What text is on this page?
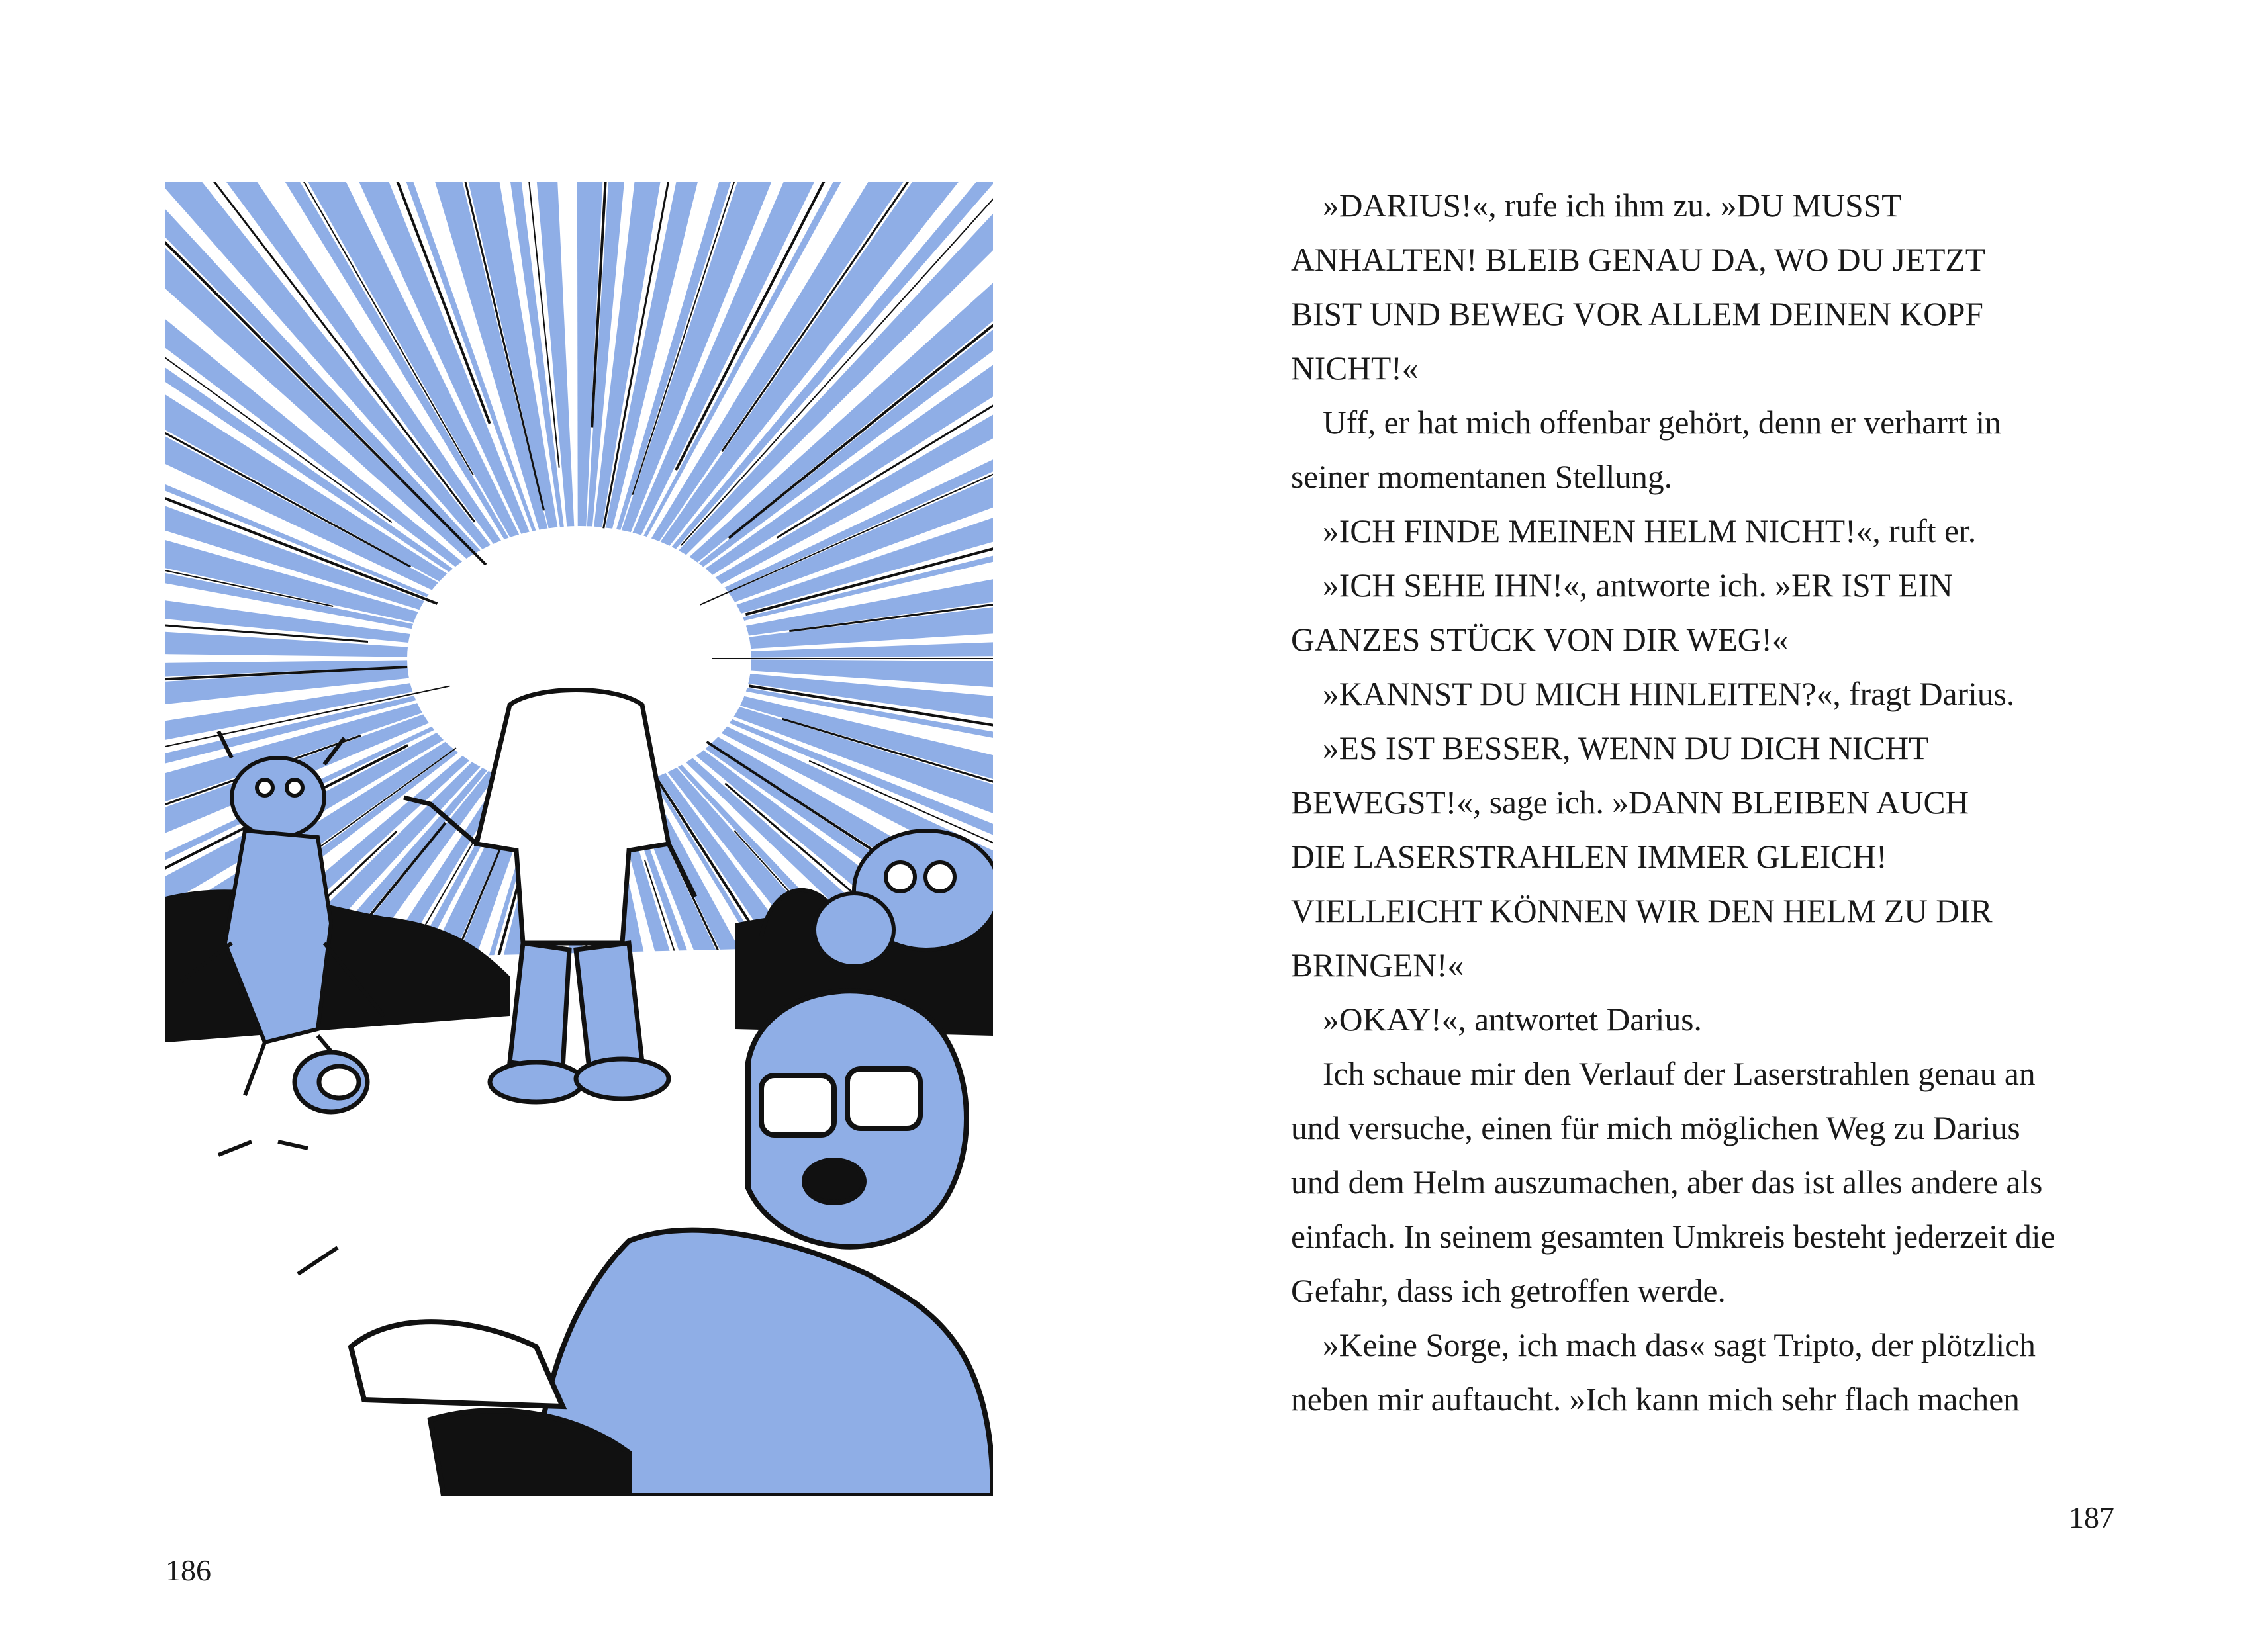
186
»DARIUS!«, rufe ich ihm zu. »DU MUSST
ANHALTEN! BLEIB GENAU DA, WO DU JETZT
BIST UND BEWEG VOR ALLEM DEINEN KOPF
NICHT!«
Uff, er hat mich offenbar gehört, denn er verharrt in
seiner momentanen Stellung.
»ICH FINDE MEINEN HELM NICHT!«, ruft er.
»ICH SEHE IHN!«, antworte ich. »ER IST EIN
GANZES STÜCK VON DIR WEG!«
»KANNST DU MICH HINLEITEN?«, fragt Darius.
»ES IST BESSER, WENN DU DICH NICHT
BEWEGST!«, sage ich. »DANN BLEIBEN AUCH
DIE LASERSTRAHLEN IMMER GLEICH!
VIELLEICHT KÖNNEN WIR DEN HELM ZU DIR
BRINGEN!«
»OKAY!«, antwortet Darius.
Ich schaue mir den Verlauf der Laserstrahlen genau an
und versuche, einen für mich möglichen Weg zu Darius
und dem Helm auszumachen, aber das ist alles andere als
einfach. In seinem gesamten Umkreis besteht jederzeit die
Gefahr, dass ich getroffen werde.
»Keine Sorge, ich mach das« sagt Tripto, der plötzlich
neben mir auftaucht. »Ich kann mich sehr flach machen
187
